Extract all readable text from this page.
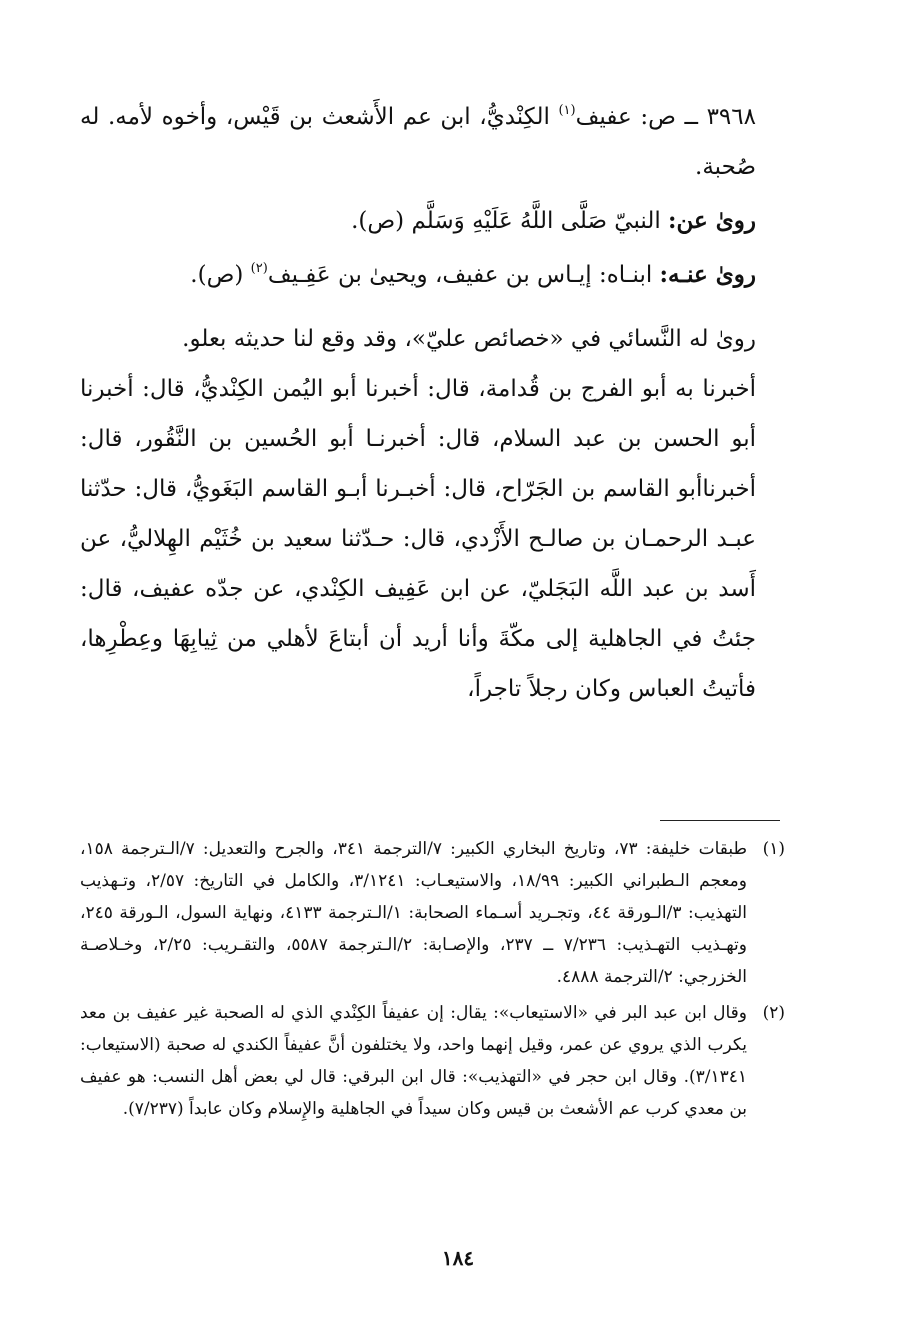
٣٩٦٨ ــ ص: عفيف$^{(١)}$ الكِنْديُّ، ابن عم الأَشعث بن قَيْس، وأخوه لأمه. له صُحبة.

روىٰ عن: النبيّ صَلَّى اللَّهُ عَلَيْهِ وَسَلَّم (ص).

روىٰ عنـه: ابنـاه: إيـاس بن عفيف، ويحيىٰ بن عَفِـيف$^{(٢)}$ (ص).

روىٰ له النَّسائي في «خصائص عليّ»، وقد وقع لنا حديثه بعلو.

أخبرنا به أبو الفرج بن قُدامة، قال: أخبرنا أبو اليُمن الكِنْديُّ، قال: أخبرنا أبو الحسن بن عبد السلام، قال: أخبرنـا أبو الحُسين بن النَّقُور، قال: أخبرناأبو القاسم بن الجَرّاح، قال: أخبـرنا أبـو القاسم البَغَويُّ، قال: حدّثنا عبـد الرحمـان بن صالـح الأَزْدي، قال: حـدّثنا سعيد بن خُثَيْم الهِلاليُّ، عن أَسد بن عبد اللَّه البَجَليّ، عن ابن عَفِيف الكِنْدي، عن جدّه عفيف، قال: جئتُ في الجاهلية إلى مكّةَ وأنا أريد أن أبتاعَ لأهلي من ثِيابِهَا وعِطْرِها، فأتيتُ العباس وكان رجلاً تاجراً،

(١)
طبقات خليفة: ٧٣، وتاريخ البخاري الكبير: ٧/الترجمة ٣٤١، والجرح والتعديل: ٧/الـترجمة ١٥٨، ومعجم الـطبراني الكبير: ١٨/٩٩، والاستيعـاب: ٣/١٢٤١، والكامل في التاريخ: ٢/٥٧، وتـهذيب التهذيب: ٣/الـورقة ٤٤، وتجـريد أسـماء الصحابة: ١/الـترجمة ٤١٣٣، ونهاية السول، الـورقة ٢٤٥، وتهـذيب التهـذيب: ٧/٢٣٦ ــ ٢٣٧، والإصـابة: ٢/الـترجمة ٥٥٨٧، والتقـريب: ٢/٢٥، وخـلاصـة الخزرجي: ٢/الترجمة ٤٨٨٨.
(٢)
وقال ابن عبد البر في «الاستيعاب»: يقال: إن عفيفاً الكِنْدي الذي له الصحبة غير عفيف بن معد يكرب الذي يروي عن عمر، وقيل إنهما واحد، ولا يختلفون أنَّ عفيفاً الكندي له صحبة (الاستيعاب: ٣/١٣٤١). وقال ابن حجر في «التهذيب»: قال ابن البرقي: قال لي بعض أهل النسب: هو عفيف بن معدي كرب عم الأشعث بن قيس وكان سيداً في الجاهلية والإِسلام وكان عابداً (٧/٢٣٧).
١٨٤
